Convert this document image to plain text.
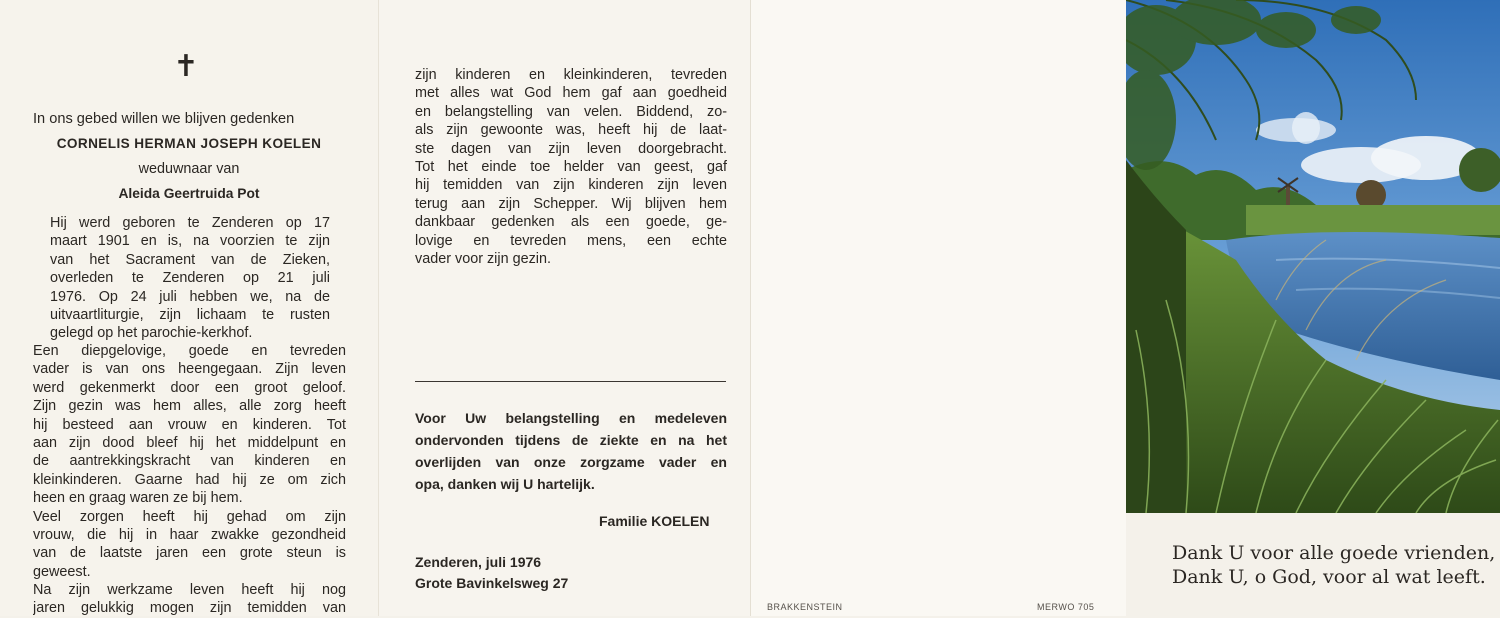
✝
In ons gebed willen we blijven gedenken
CORNELIS HERMAN JOSEPH KOELEN
weduwnaar van
Aleida Geertruida Pot
Hij werd geboren te Zenderen op 17
maart 1901 en is, na voorzien te zijn
van het Sacrament van de Zieken,
overleden te Zenderen op 21 juli
1976. Op 24 juli hebben we, na de
uitvaartliturgie, zijn lichaam te rusten
gelegd op het parochie-kerkhof.
Een diepgelovige, goede en tevreden
vader is van ons heengegaan. Zijn leven
werd gekenmerkt door een groot geloof.
Zijn gezin was hem alles, alle zorg heeft
hij besteed aan vrouw en kinderen. Tot
aan zijn dood bleef hij het middelpunt en
de aantrekkingskracht van kinderen en
kleinkinderen. Gaarne had hij ze om zich
heen en graag waren ze bij hem.
Veel zorgen heeft hij gehad om zijn
vrouw, die hij in haar zwakke gezondheid
van de laatste jaren een grote steun is
geweest.
Na zijn werkzame leven heeft hij nog
jaren gelukkig mogen zijn temidden van
zijn kinderen en kleinkinderen, tevreden
met alles wat God hem gaf aan goedheid
en belangstelling van velen. Biddend, zo-
als zijn gewoonte was, heeft hij de laat-
ste dagen van zijn leven doorgebracht.
Tot het einde toe helder van geest, gaf
hij temidden van zijn kinderen zijn leven
terug aan zijn Schepper. Wij blijven hem
dankbaar gedenken als een goede, ge-
lovige en tevreden mens, een echte
vader voor zijn gezin.
Voor Uw belangstelling en medeleven
ondervonden tijdens de ziekte en na het
overlijden van onze zorgzame vader en
opa, danken wij U hartelijk.
Familie KOELEN
Zenderen, juli 1976
Grote Bavinkelsweg 27
BRAKKENSTEIN	MERWO 705
Dank U voor alle goede vrienden,
Dank U, o God, voor al wat leeft.
